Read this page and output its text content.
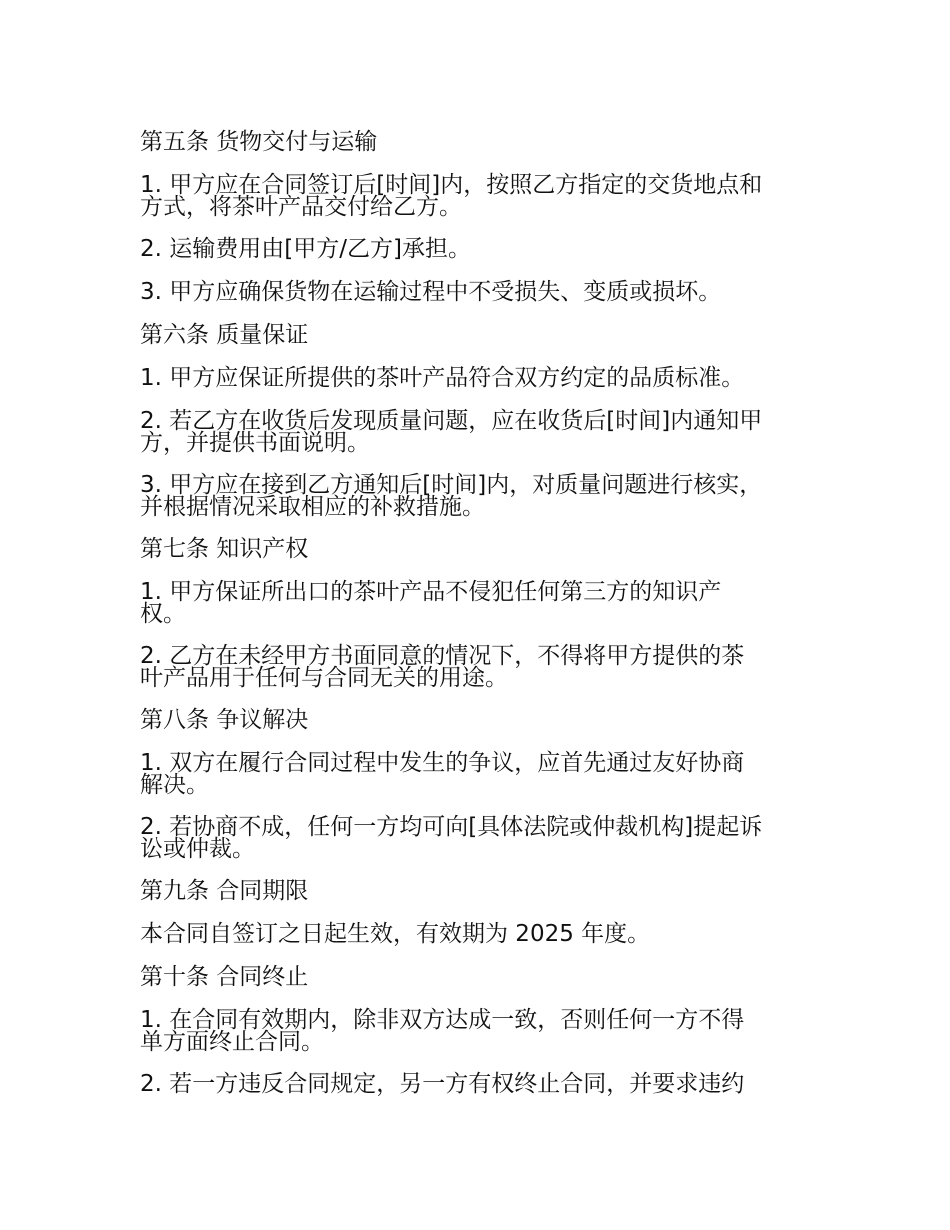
第五条 货物交付与运输
1. 甲方应在合同签订后[时间]内，按照乙方指定的交货地点和
方式，将茶叶产品交付给乙方。
2. 运输费用由[甲方/乙方]承担。
3. 甲方应确保货物在运输过程中不受损失、变质或损坏。
第六条 质量保证
1. 甲方应保证所提供的茶叶产品符合双方约定的品质标准。
2. 若乙方在收货后发现质量问题，应在收货后[时间]内通知甲
方，并提供书面说明。
3. 甲方应在接到乙方通知后[时间]内，对质量问题进行核实，
并根据情况采取相应的补救措施。
第七条 知识产权
1. 甲方保证所出口的茶叶产品不侵犯任何第三方的知识产
权。
2. 乙方在未经甲方书面同意的情况下，不得将甲方提供的茶
叶产品用于任何与合同无关的用途。
第八条 争议解决
1. 双方在履行合同过程中发生的争议，应首先通过友好协商
解决。
2. 若协商不成，任何一方均可向[具体法院或仲裁机构]提起诉
讼或仲裁。
第九条 合同期限
本合同自签订之日起生效，有效期为 2025 年度。
第十条 合同终止
1. 在合同有效期内，除非双方达成一致，否则任何一方不得
单方面终止合同。
2. 若一方违反合同规定，另一方有权终止合同，并要求违约
